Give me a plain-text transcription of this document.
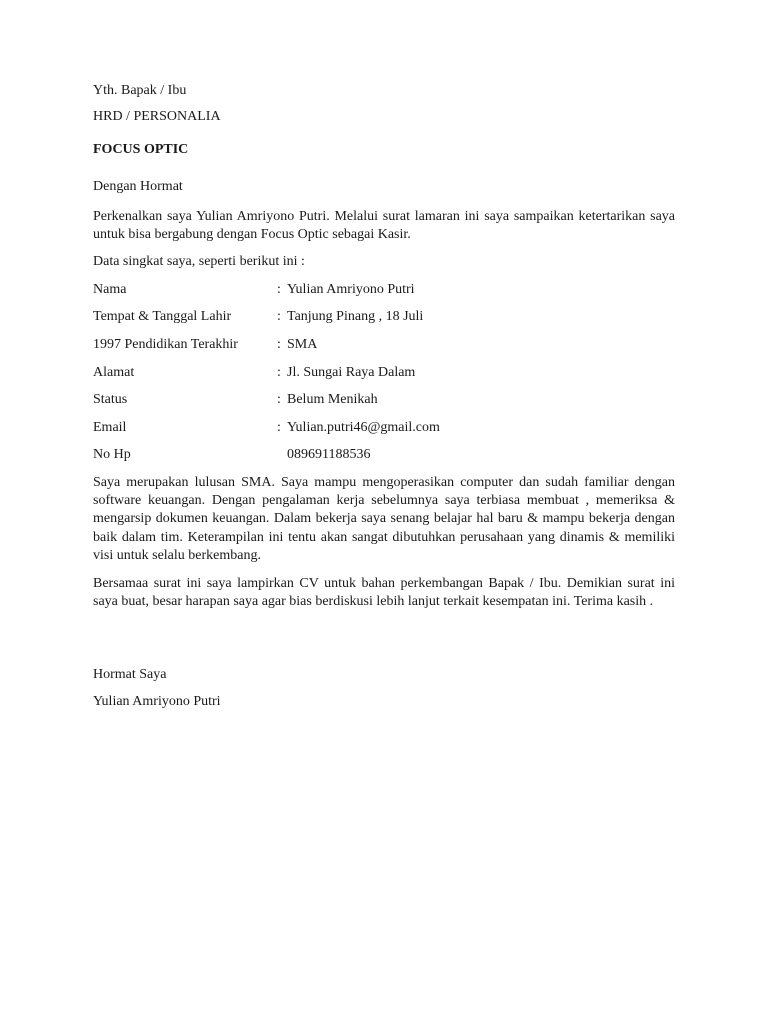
Yth. Bapak / Ibu
HRD / PERSONALIA
FOCUS OPTIC
Dengan Hormat
Perkenalkan saya Yulian Amriyono Putri. Melalui surat lamaran ini saya sampaikan ketertarikan saya untuk bisa bergabung dengan Focus Optic sebagai Kasir.
Data singkat saya, seperti berikut ini :
Nama	: Yulian Amriyono Putri
Tempat & Tanggal Lahir	: Tanjung Pinang , 18 Juli
1997 Pendidikan Terakhir	: SMA
Alamat	: Jl. Sungai Raya Dalam
Status	: Belum Menikah
Email	: Yulian.putri46@gmail.com
No Hp	089691188536
Saya merupakan lulusan SMA. Saya mampu mengoperasikan computer dan sudah familiar dengan software keuangan. Dengan pengalaman kerja sebelumnya saya terbiasa membuat , memeriksa & mengarsip dokumen keuangan. Dalam bekerja saya senang belajar hal baru & mampu bekerja dengan baik dalam tim. Keterampilan ini tentu akan sangat dibutuhkan perusahaan yang dinamis & memiliki visi untuk selalu berkembang.
Bersamaa surat ini saya lampirkan CV untuk bahan perkembangan Bapak / Ibu. Demikian surat ini saya buat, besar harapan saya agar bias berdiskusi lebih lanjut terkait kesempatan ini. Terima kasih .
Hormat Saya
Yulian Amriyono Putri
